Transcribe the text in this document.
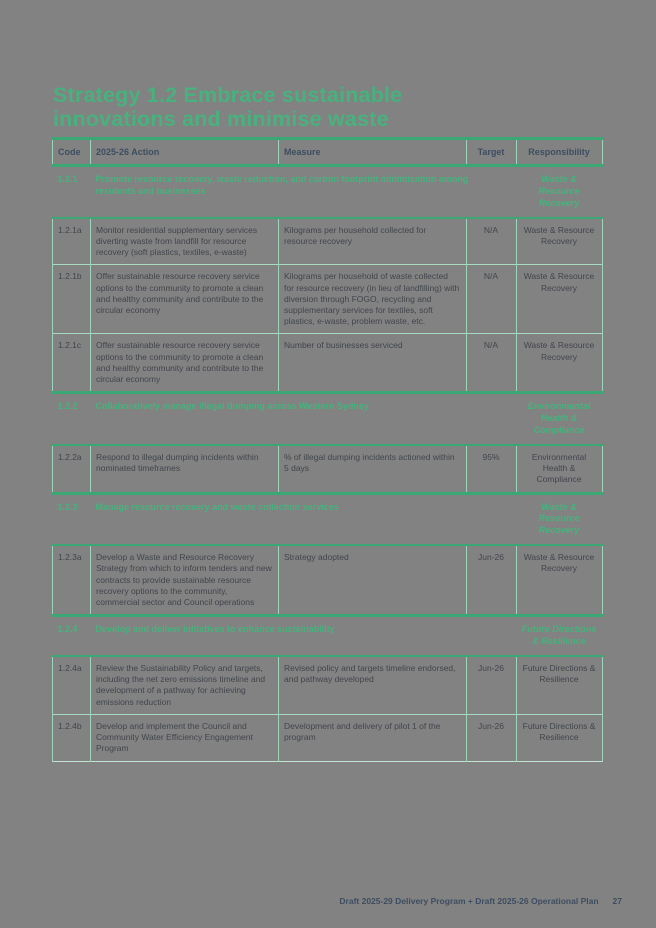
Strategy 1.2 Embrace sustainable innovations and minimise waste
Code	2025-26 Action	Measure	Target	Responsibility
1.2.1	Promote resource recovery, waste reduction, and carbon footprint minimisation among residents and businesses			Waste & Resource Recovery
1.2.1a	Monitor residential supplementary services diverting waste from landfill for resource recovery (soft plastics, textiles, e-waste)	Kilograms per household collected for resource recovery	N/A	Waste & Resource Recovery
1.2.1b	Offer sustainable resource recovery service options to the community to promote a clean and healthy community and contribute to the circular economy	Kilograms per household of waste collected for resource recovery (in lieu of landfilling) with diversion through FOGO, recycling and supplementary services for textiles, soft plastics, e-waste, problem waste, etc.	N/A	Waste & Resource Recovery
1.2.1c	Offer sustainable resource recovery service options to the community to promote a clean and healthy community and contribute to the circular economy	Number of businesses serviced	N/A	Waste & Resource Recovery
1.2.2	Collaboratively manage illegal dumping across Western Sydney			Environmental Health & Compliance
1.2.2a	Respond to illegal dumping incidents within nominated timeframes	% of illegal dumping incidents actioned within 5 days	95%	Environmental Health & Compliance
1.2.3	Manage resource recovery and waste collection services			Waste & Resource Recovery
1.2.3a	Develop a Waste and Resource Recovery Strategy from which to inform tenders and new contracts to provide sustainable resource recovery options to the community, commercial sector and Council operations	Strategy adopted	Jun-26	Waste & Resource Recovery
1.2.4	Develop and deliver initiatives to enhance sustainability			Future Directions & Resilience
1.2.4a	Review the Sustainability Policy and targets, including the net zero emissions timeline and development of a pathway for achieving emissions reduction	Revised policy and targets timeline endorsed, and pathway developed	Jun-26	Future Directions & Resilience
1.2.4b	Develop and implement the Council and Community Water Efficiency Engagement Program	Development and delivery of pilot 1 of the program	Jun-26	Future Directions & Resilience
Draft 2025-29 Delivery Program + Draft 2025-26 Operational Plan 27
